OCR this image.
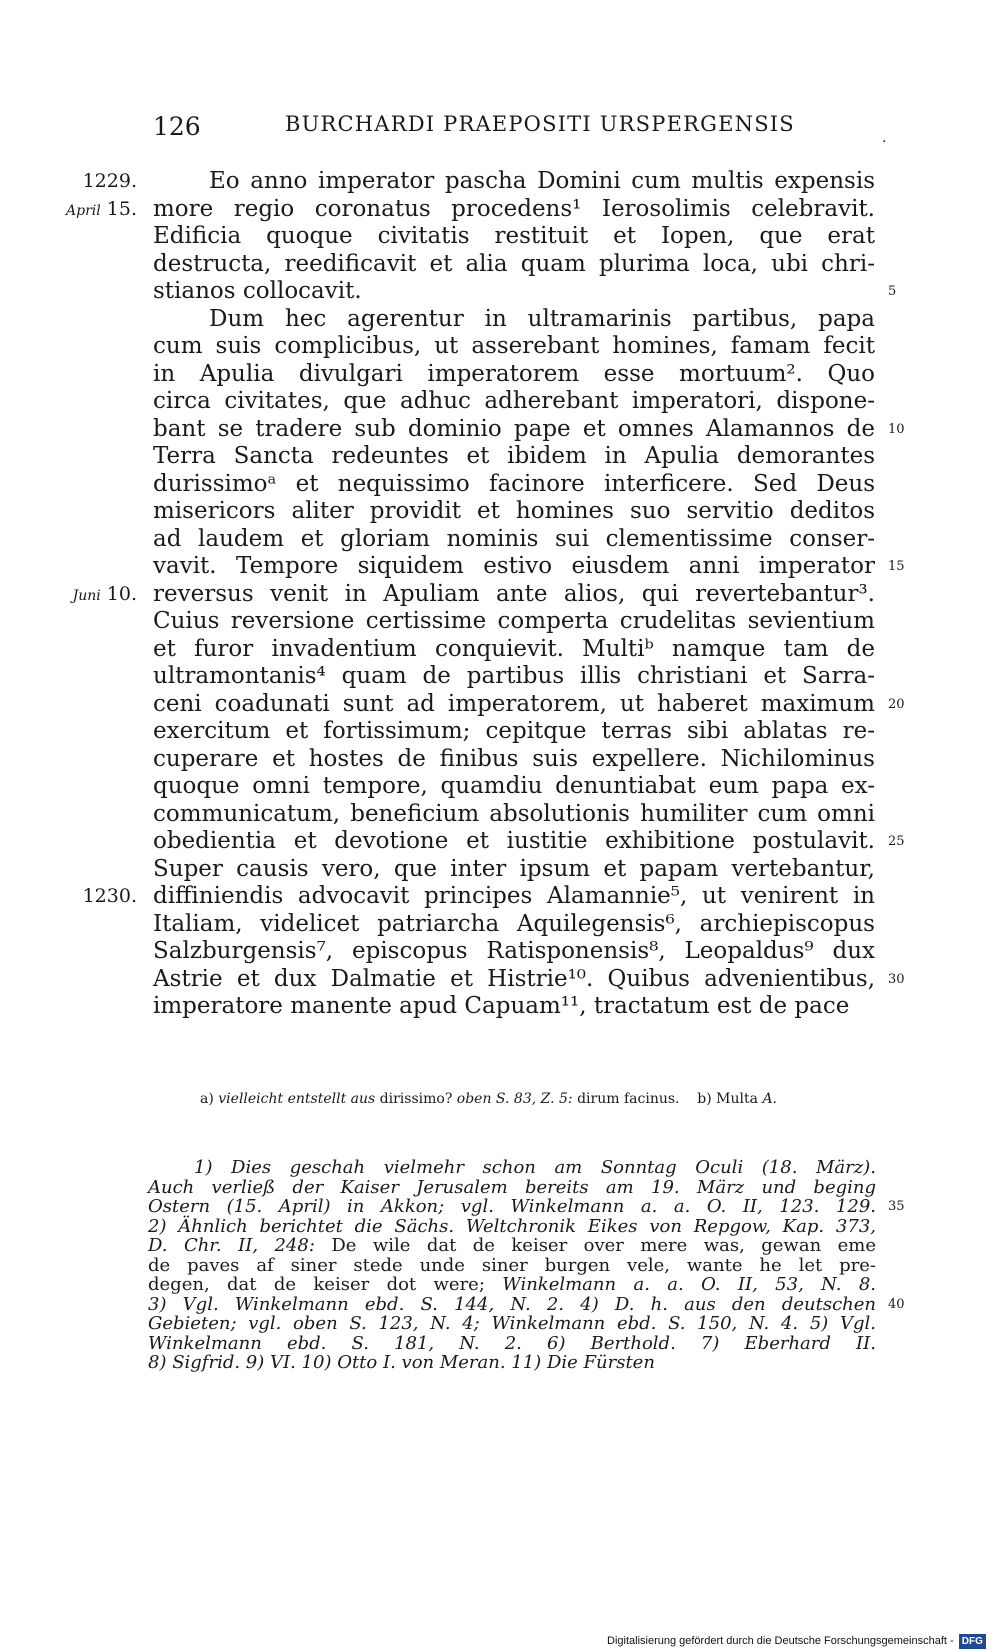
126	BURCHARDI PRAEPOSITI URSPERGENSIS
·
1229.	Eo anno imperator pascha Domini cum multis expensis
April 15. more regio coronatus procedens¹ Ierosolimis celebravit.
Edificia quoque civitatis restituit et Iopen, que erat
destructa, reedificavit et alia quam plurima loca, ubi chri-
stianos collocavit.	5
Dum hec agerentur in ultramarinis partibus, papa
cum suis complicibus, ut asserebant homines, famam fecit
in Apulia divulgari imperatorem esse mortuum². Quo
circa civitates, que adhuc adherebant imperatori, dispone-
bant se tradere sub dominio pape et omnes Alamannos de 10
Terra Sancta redeuntes et ibidem in Apulia demorantes
durissimoᵃ et nequissimo facinore interficere. Sed Deus
misericors aliter providit et homines suo servitio deditos
ad laudem et gloriam nominis sui clementissime conser-
vavit. Tempore siquidem estivo eiusdem anni imperator 15
Juni 10. reversus venit in Apuliam ante alios, qui revertebantur³.
Cuius reversione certissime comperta crudelitas sevientium
et furor invadentium conquievit. Multiᵇ namque tam de
ultramontanis⁴ quam de partibus illis christiani et Sarra-
ceni coadunati sunt ad imperatorem, ut haberet maximum 20
exercitum et fortissimum; cepitque terras sibi ablatas re-
cuperare et hostes de finibus suis expellere. Nichilominus
quoque omni tempore, quamdiu denuntiabat eum papa ex-
communicatum, beneficium absolutionis humiliter cum omni
obedientia et devotione et iustitie exhibitione postulavit. 25
Super causis vero, que inter ipsum et papam vertebantur,
1230. diffiniendis advocavit principes Alamannie⁵, ut venirent in
Italiam, videlicet patriarcha Aquilegensis⁶, archiepiscopus
Salzburgensis⁷, episcopus Ratisponensis⁸, Leopaldus⁹ dux
Astrie et dux Dalmatie et Histrie¹⁰. Quibus advenientibus, 30
imperatore manente apud Capuam¹¹, tractatum est de pace
a) vielleicht entstellt aus dirissimo? oben S. 83, Z. 5: dirum facinus. b) Multa A.
1) Dies geschah vielmehr schon am Sonntag Oculi (18. März).
Auch verließ der Kaiser Jerusalem bereits am 19. März und beging
Ostern (15. April) in Akkon; vgl. Winkelmann a. a. O. II, 123. 129. 35
2) Ähnlich berichtet die Sächs. Weltchronik Eikes von Repgow, Kap. 373,
D. Chr. II, 248: De wile dat de keiser over mere was, gewan eme
de paves af siner stede unde siner burgen vele, wante he let pre-
degen, dat de keiser dot were; Winkelmann a. a. O. II, 53, N. 8.
3) Vgl. Winkelmann ebd. S. 144, N. 2. 4) D. h. aus den deutschen 40
Gebieten; vgl. oben S. 123, N. 4; Winkelmann ebd. S. 150, N. 4. 5) Vgl.
Winkelmann ebd. S. 181, N. 2. 6) Berthold. 7) Eberhard II.
8) Sigfrid. 9) VI. 10) Otto I. von Meran. 11) Die Fürsten
Digitalisierung gefördert durch die Deutsche Forschungsgemeinschaft - DFG
